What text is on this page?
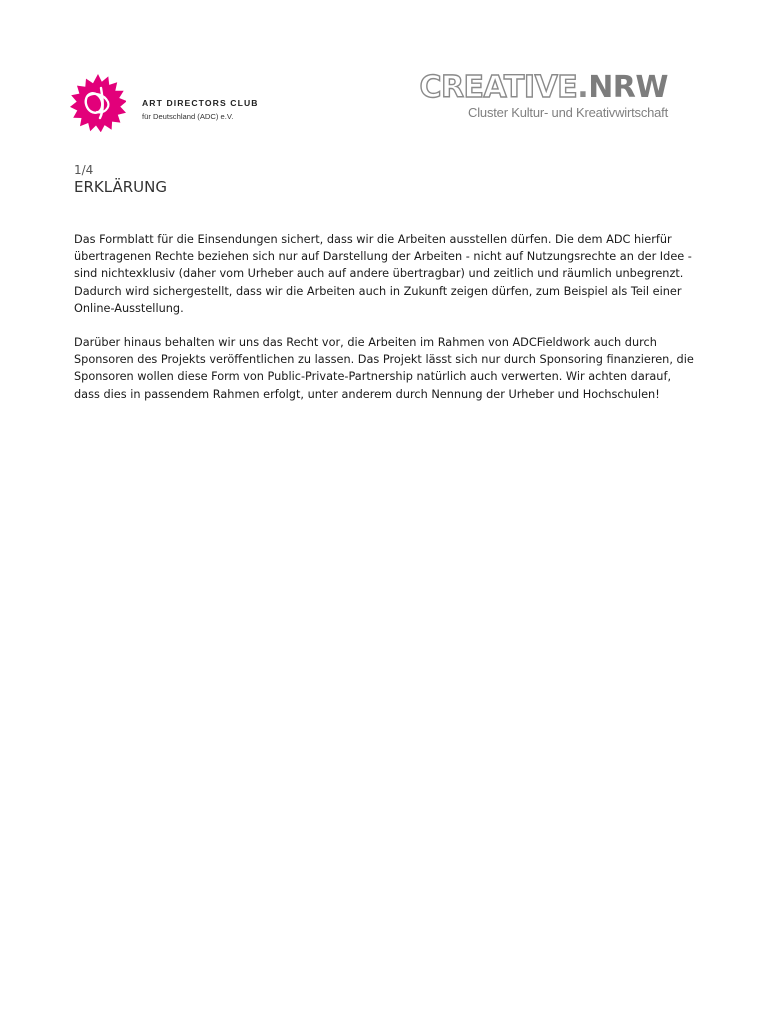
ART DIRECTORS CLUB
für Deutschland (ADC) e.V.
CREATIVE.NRW
Cluster Kultur- und Kreativwirtschaft
1/4
ERKLÄRUNG

Das Formblatt für die Einsendungen sichert, dass wir die Arbeiten ausstellen dürfen. Die dem ADC hierfür übertragenen Rechte beziehen sich nur auf Darstellung der Arbeiten - nicht auf Nutzungsrechte an der Idee - sind nichtexklusiv (daher vom Urheber auch auf andere übertragbar) und zeitlich und räumlich unbegrenzt. Dadurch wird sichergestellt, dass wir die Arbeiten auch in Zukunft zeigen dürfen, zum Beispiel als Teil einer Online-Ausstellung.

Darüber hinaus behalten wir uns das Recht vor, die Arbeiten im Rahmen von ADCFieldwork auch durch Sponsoren des Projekts veröffentlichen zu lassen. Das Projekt lässt sich nur durch Sponsoring finanzieren, die Sponsoren wollen diese Form von Public-Private-Partnership natürlich auch verwerten. Wir achten darauf, dass dies in passendem Rahmen erfolgt, unter anderem durch Nennung der Urheber und Hochschulen!
